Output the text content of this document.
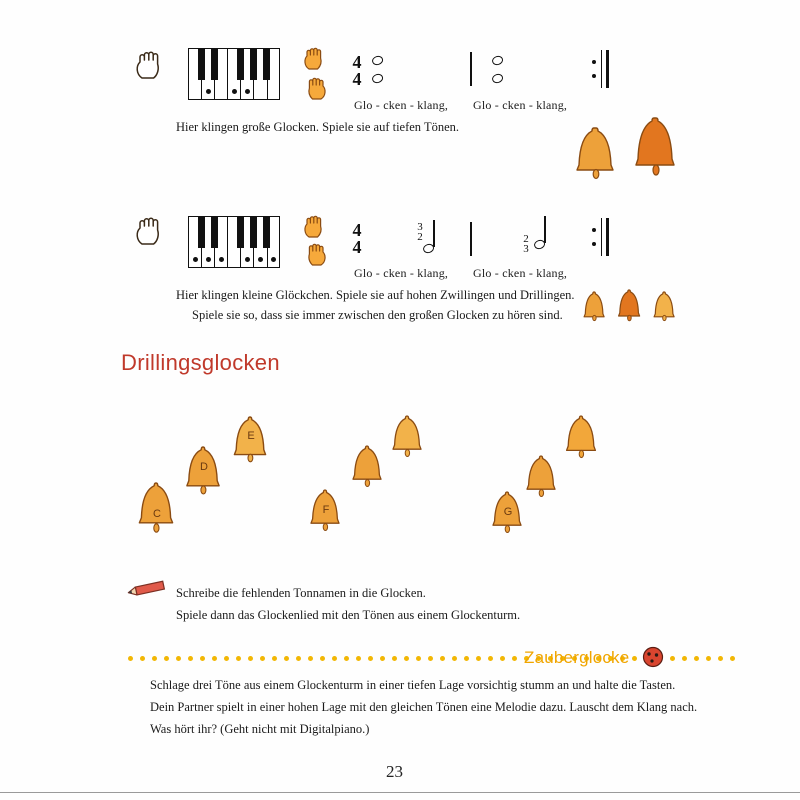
4
4
Glo - cken - klang, Glo - cken - klang,
Hier klingen große Glocken. Spiele sie auf tiefen Tönen.
4
4
3
2	2
3
Glo - cken - klang, Glo - cken - klang,
Hier klingen kleine Glöckchen. Spiele sie auf hohen Zwillingen und Drillingen.
Spiele sie so, dass sie immer zwischen den großen Glocken zu hören sind.
Drillingsglocken
C
D
E
F	G
Schreibe die fehlenden Tonnamen in die Glocken.
Spiele dann das Glockenlied mit den Tönen aus einem Glockenturm.
Zauberglocke
Schlage drei Töne aus einem Glockenturm in einer tiefen Lage vorsichtig stumm an und halte die Tasten.
Dein Partner spielt in einer hohen Lage mit den gleichen Tönen eine Melodie dazu. Lauscht dem Klang nach.
Was hört ihr? (Geht nicht mit Digitalpiano.)
23
